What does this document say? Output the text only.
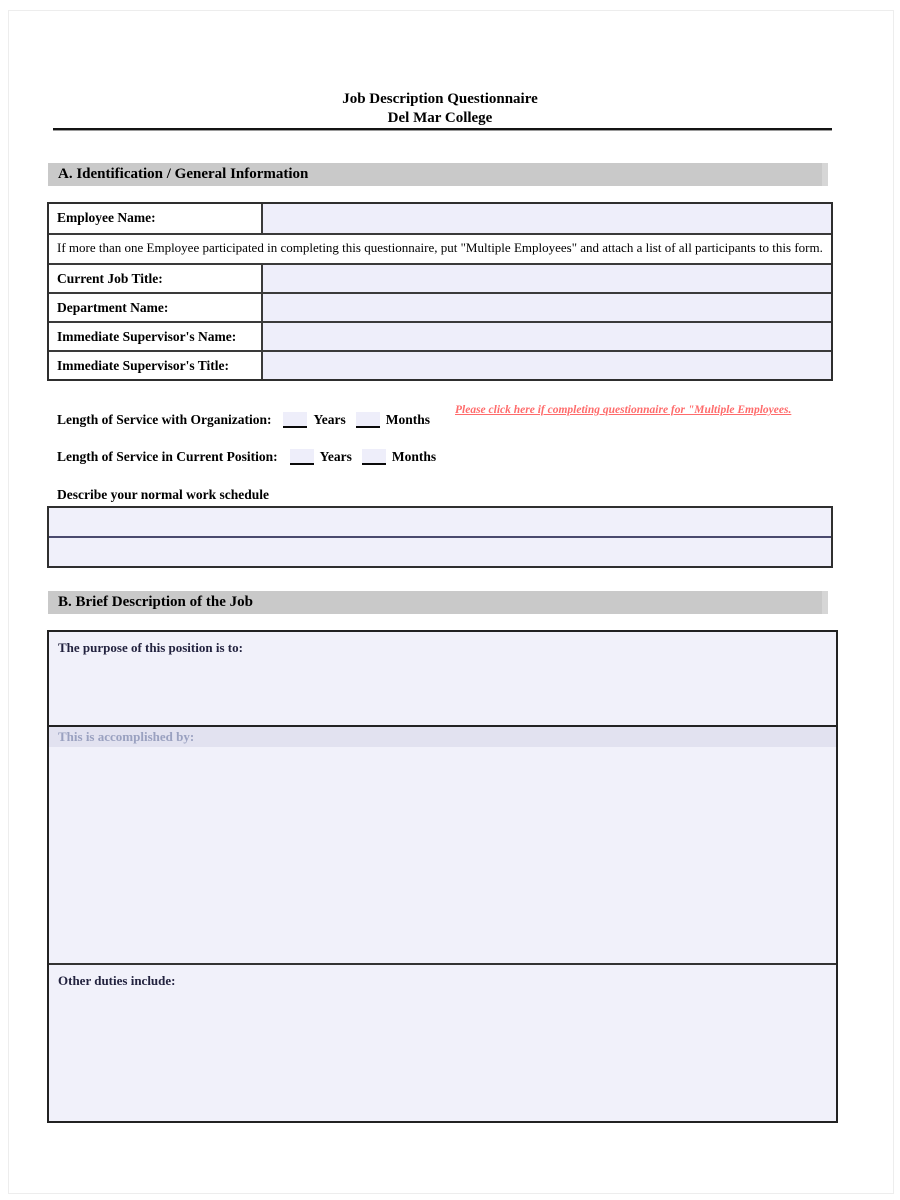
Job Description Questionnaire
Del Mar College
A. Identification / General Information
Employee Name:
If more than one Employee participated in completing this questionnaire, put "Multiple Employees" and attach a list of all participants to this form.
Current Job Title:
Department Name:
Immediate Supervisor's Name:
Immediate Supervisor's Title:
Please click here if completing questionnaire for "Multiple Employees.
Length of Service with Organization:	Years	Months
Length of Service in Current Position:	Years	Months
Describe your normal work schedule
B. Brief Description of the Job
The purpose of this position is to:
This is accomplished by:
Other duties include:
